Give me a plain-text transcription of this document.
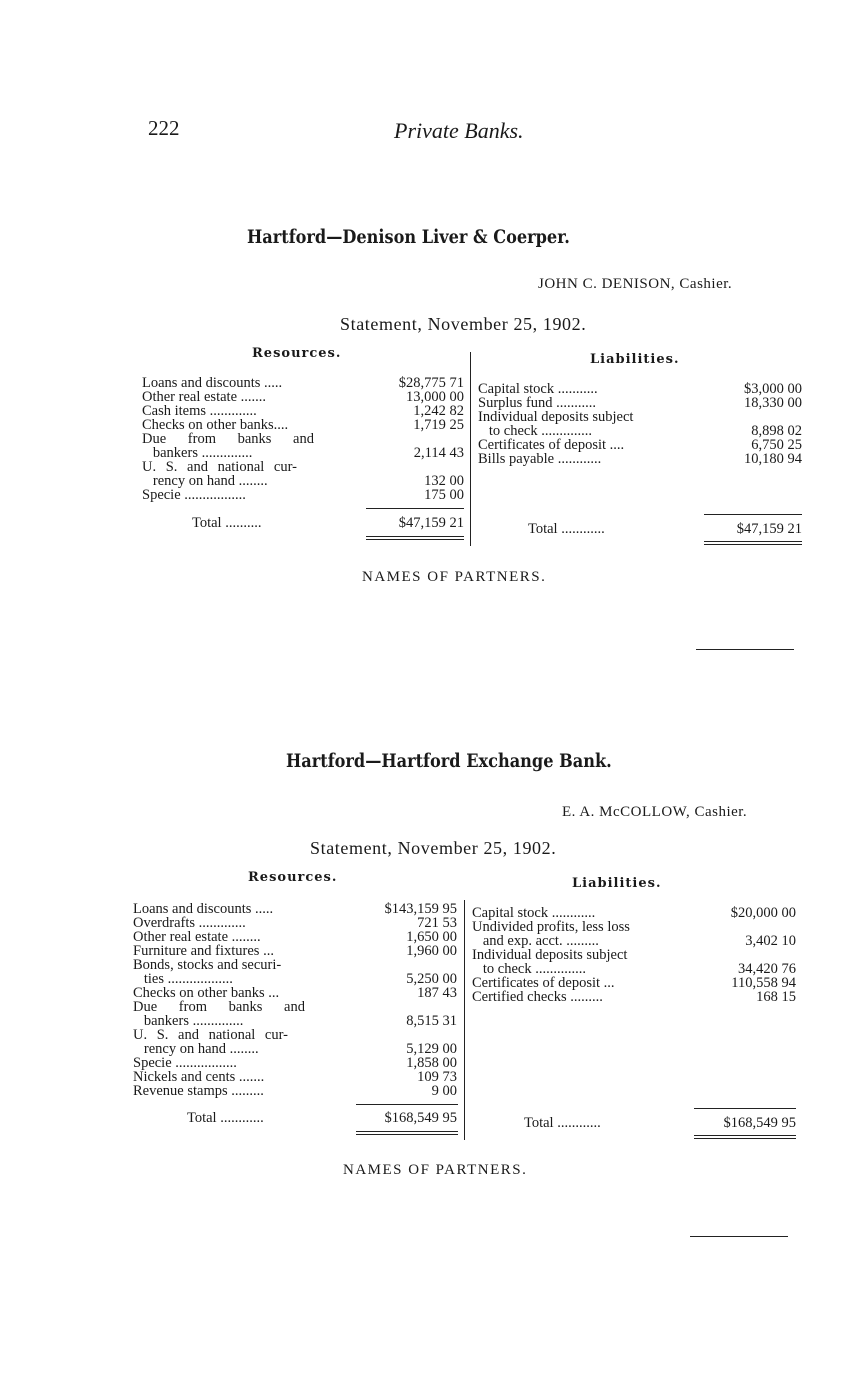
222	Private Banks.
Hartford—Denison Liver & Coerper.
JOHN C. DENISON, Cashier.
Statement, November 25, 1902.
Resources.	Liabilities.
Loans and discounts .....	$28,775 71
Other real estate .......	13,000 00
Cash items .............	1,242 82
Checks on other banks....	1,719 25
Due from banks and
bankers ..............	2,114 43
U. S. and national cur-
rency on hand ........	132 00
Specie .................	175 00
Total ..........	$47,159 21
Capital stock ...........	$3,000 00
Surplus fund ...........	18,330 00
Individual deposits subject
to check ..............	8,898 02
Certificates of deposit ....	6,750 25
Bills payable ............	10,180 94
Total ............	$47,159 21
NAMES OF PARTNERS.
Hartford—Hartford Exchange Bank.
E. A. McCOLLOW, Cashier.
Statement, November 25, 1902.
Resources.	Liabilities.
Loans and discounts .....	$143,159 95
Overdrafts .............	721 53
Other real estate ........	1,650 00
Furniture and fixtures ...	1,960 00
Bonds, stocks and securi-
ties ..................	5,250 00
Checks on other banks ...	187 43
Due from banks and
bankers ..............	8,515 31
U. S. and national cur-
rency on hand ........	5,129 00
Specie .................	1,858 00
Nickels and cents .......	109 73
Revenue stamps .........	9 00
Total ............	$168,549 95
Capital stock ............	$20,000 00
Undivided profits, less loss
and exp. acct. .........	3,402 10
Individual deposits subject
to check ..............	34,420 76
Certificates of deposit ...	110,558 94
Certified checks .........	168 15
Total ............	$168,549 95
NAMES OF PARTNERS.
